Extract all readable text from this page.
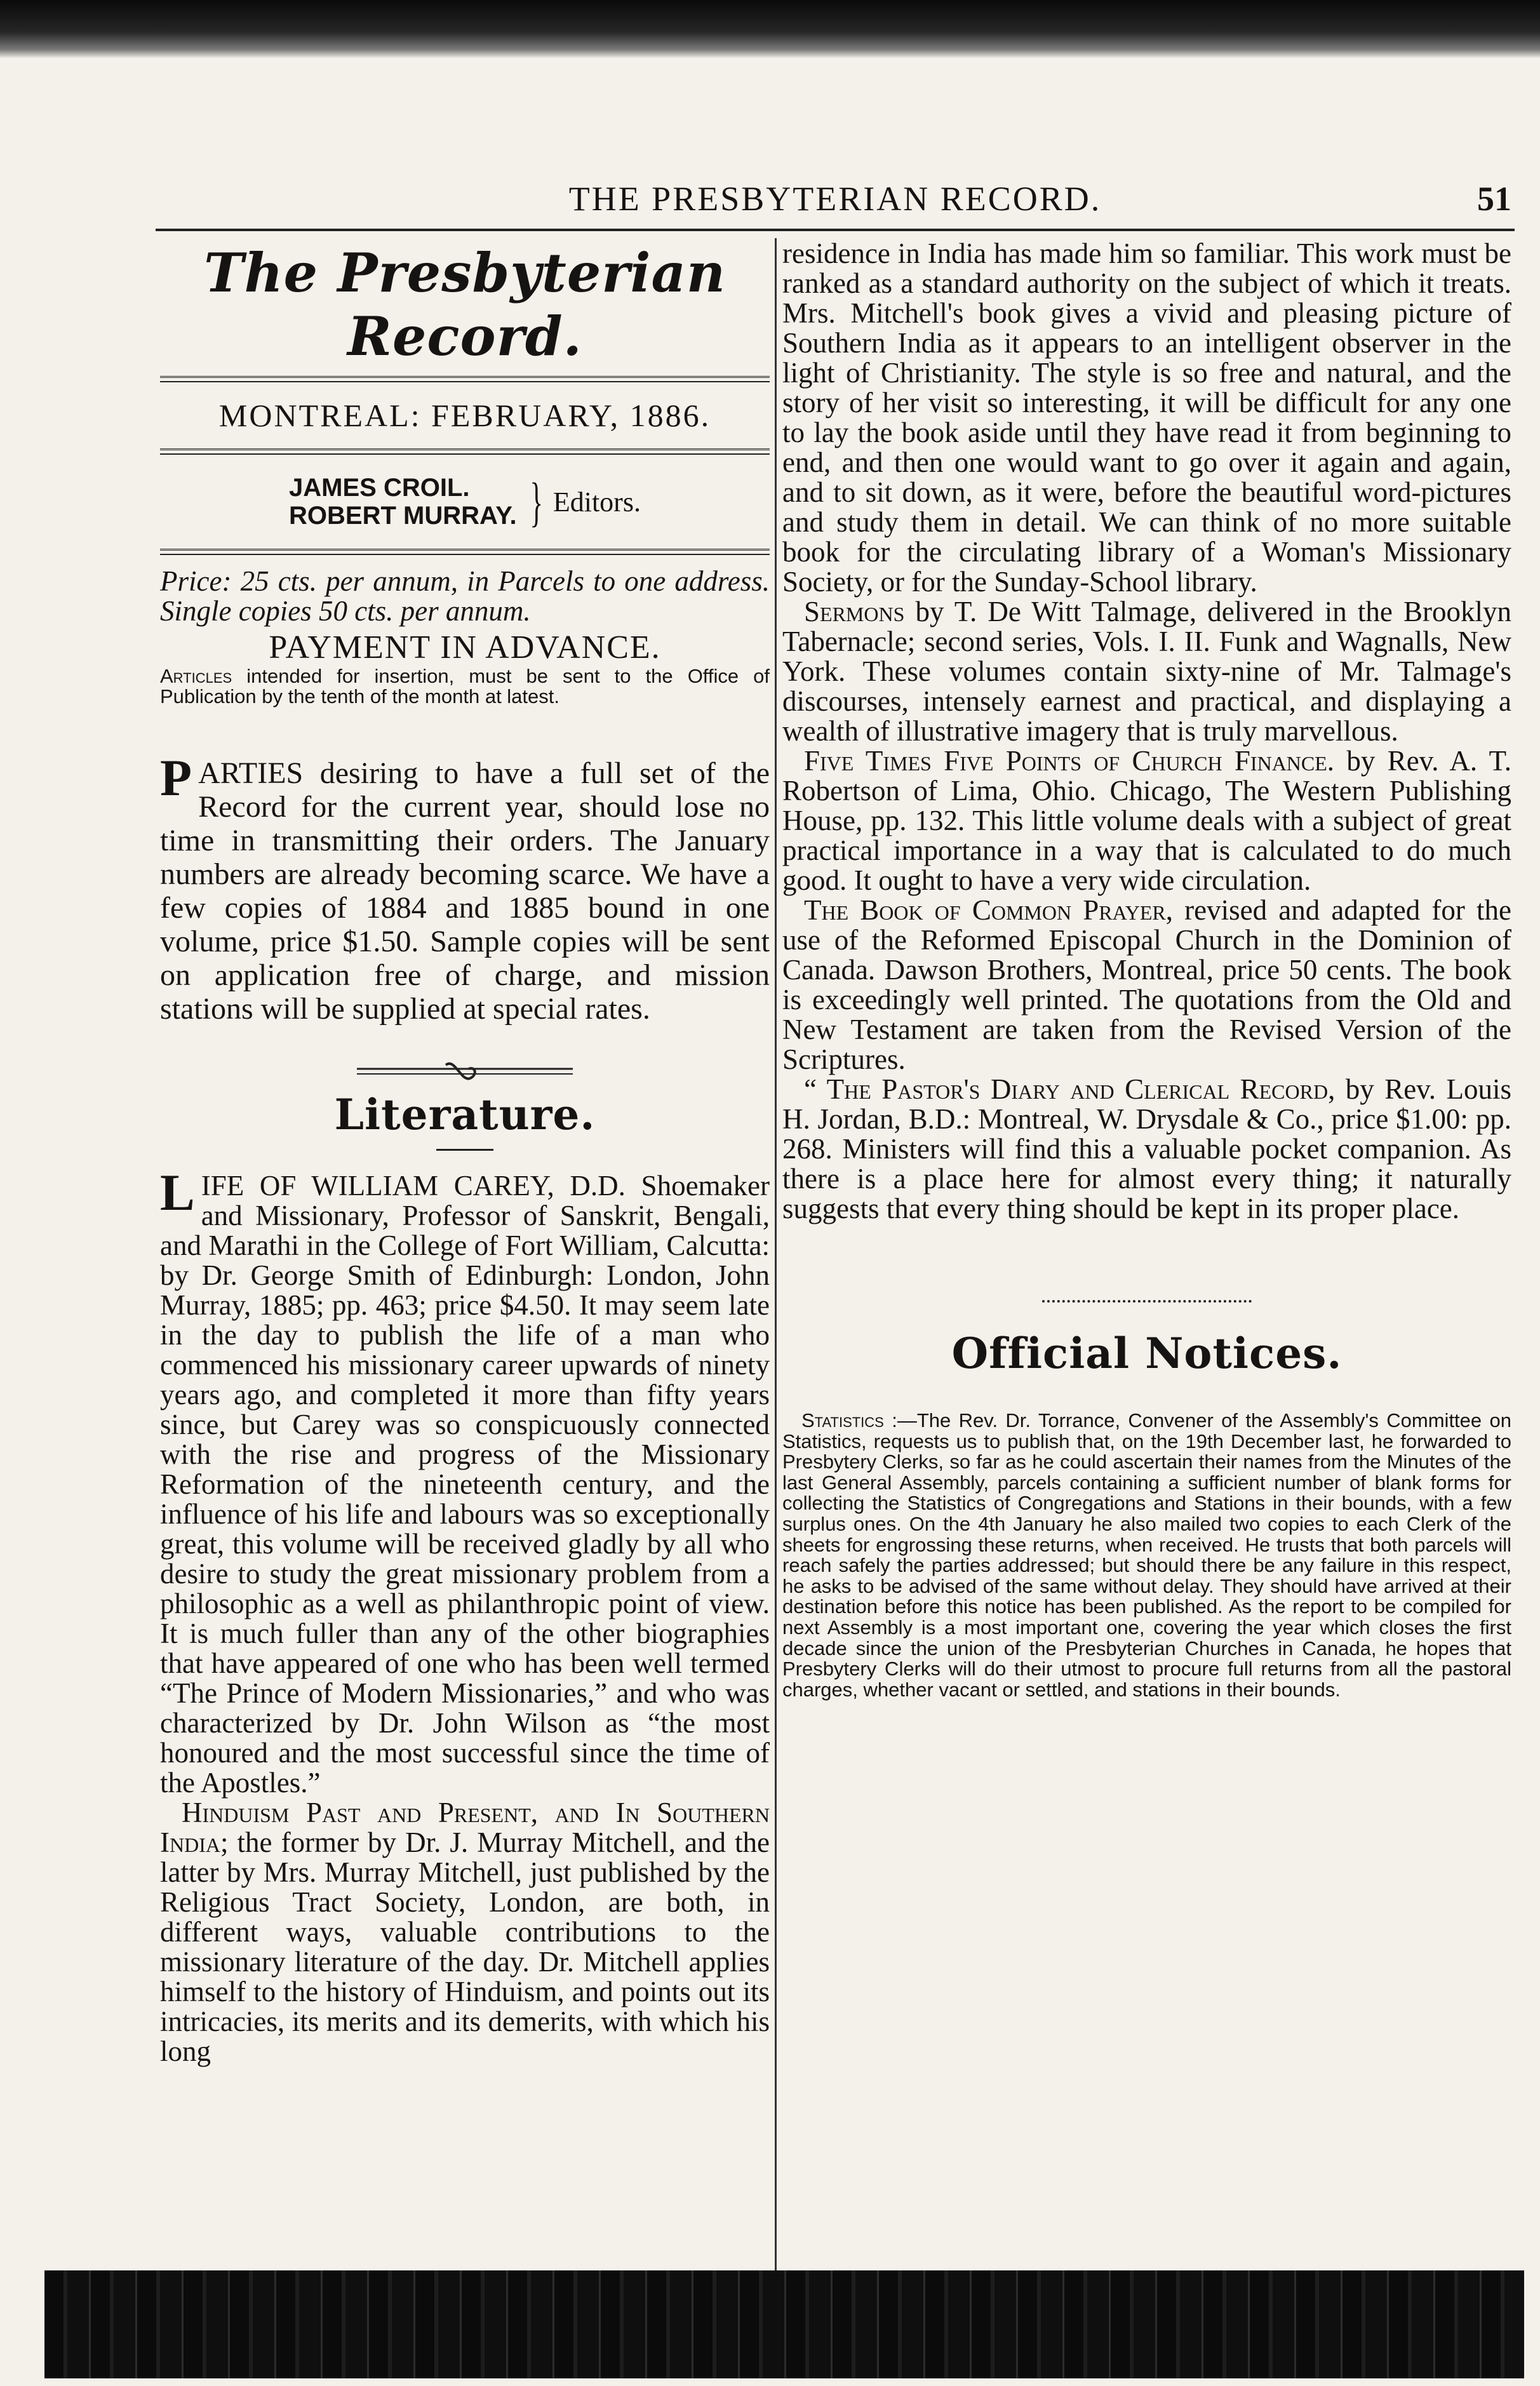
THE PRESBYTERIAN RECORD.	51
The Presbyterian Record.
MONTREAL: FEBRUARY, 1886.
JAMES CROIL.
ROBERT MURRAY. } Editors.

Price: 25 cts. per annum, in Parcels to one address. Single copies 50 cts. per annum.

PAYMENT IN ADVANCE.

Articles intended for insertion, must be sent to the Office of Publication by the tenth of the month at latest.

PARTIES desiring to have a full set of the Record for the current year, should lose no time in transmitting their orders. The January numbers are already becoming scarce. We have a few copies of 1884 and 1885 bound in one volume, price $1.50. Sample copies will be sent on application free of charge, and mission stations will be supplied at special rates.

Literature.

LIFE OF WILLIAM CAREY, D.D. Shoemaker and Missionary, Professor of Sanskrit, Bengali, and Marathi in the College of Fort William, Calcutta: by Dr. George Smith of Edinburgh: London, John Murray, 1885; pp. 463; price $4.50. It may seem late in the day to publish the life of a man who commenced his missionary career upwards of ninety years ago, and completed it more than fifty years since, but Carey was so conspicuously connected with the rise and progress of the Missionary Reformation of the nineteenth century, and the influence of his life and labours was so exceptionally great, this volume will be received gladly by all who desire to study the great missionary problem from a philosophic as a well as philanthropic point of view. It is much fuller than any of the other biographies that have appeared of one who has been well termed “The Prince of Modern Missionaries,” and who was characterized by Dr. John Wilson as “the most honoured and the most successful since the time of the Apostles.”

Hinduism Past and Present, and In Southern India; the former by Dr. J. Murray Mitchell, and the latter by Mrs. Murray Mitchell, just published by the Religious Tract Society, London, are both, in different ways, valuable contributions to the missionary literature of the day. Dr. Mitchell applies himself to the history of Hinduism, and points out its intricacies, its merits and its demerits, with which his long

residence in India has made him so familiar. This work must be ranked as a standard authority on the subject of which it treats. Mrs. Mitchell's book gives a vivid and pleasing picture of Southern India as it appears to an intelligent observer in the light of Christianity. The style is so free and natural, and the story of her visit so interesting, it will be difficult for any one to lay the book aside until they have read it from beginning to end, and then one would want to go over it again and again, and to sit down, as it were, before the beautiful word-pictures and study them in detail. We can think of no more suitable book for the circulating library of a Woman's Missionary Society, or for the Sunday-School library.

Sermons by T. De Witt Talmage, delivered in the Brooklyn Tabernacle; second series, Vols. I. II. Funk and Wagnalls, New York. These volumes contain sixty-nine of Mr. Talmage's discourses, intensely earnest and practical, and displaying a wealth of illustrative imagery that is truly marvellous.

Five Times Five Points of Church Finance. by Rev. A. T. Robertson of Lima, Ohio. Chicago, The Western Publishing House, pp. 132. This little volume deals with a subject of great practical importance in a way that is calculated to do much good. It ought to have a very wide circulation.

The Book of Common Prayer, revised and adapted for the use of the Reformed Episcopal Church in the Dominion of Canada. Dawson Brothers, Montreal, price 50 cents. The book is exceedingly well printed. The quotations from the Old and New Testament are taken from the Revised Version of the Scriptures.

“ The Pastor's Diary and Clerical Record, by Rev. Louis H. Jordan, B.D.: Montreal, W. Drysdale & Co., price $1.00: pp. 268. Ministers will find this a valuable pocket companion. As there is a place here for almost every thing; it naturally suggests that every thing should be kept in its proper place.

Official Notices.

Statistics :—The Rev. Dr. Torrance, Convener of the Assembly's Committee on Statistics, requests us to publish that, on the 19th December last, he forwarded to Presbytery Clerks, so far as he could ascertain their names from the Minutes of the last General Assembly, parcels containing a sufficient number of blank forms for collecting the Statistics of Congregations and Stations in their bounds, with a few surplus ones. On the 4th January he also mailed two copies to each Clerk of the sheets for engrossing these returns, when received. He trusts that both parcels will reach safely the parties addressed; but should there be any failure in this respect, he asks to be advised of the same without delay. They should have arrived at their destination before this notice has been published. As the report to be compiled for next Assembly is a most important one, covering the year which closes the first decade since the union of the Presbyterian Churches in Canada, he hopes that Presbytery Clerks will do their utmost to procure full returns from all the pastoral charges, whether vacant or settled, and stations in their bounds.
